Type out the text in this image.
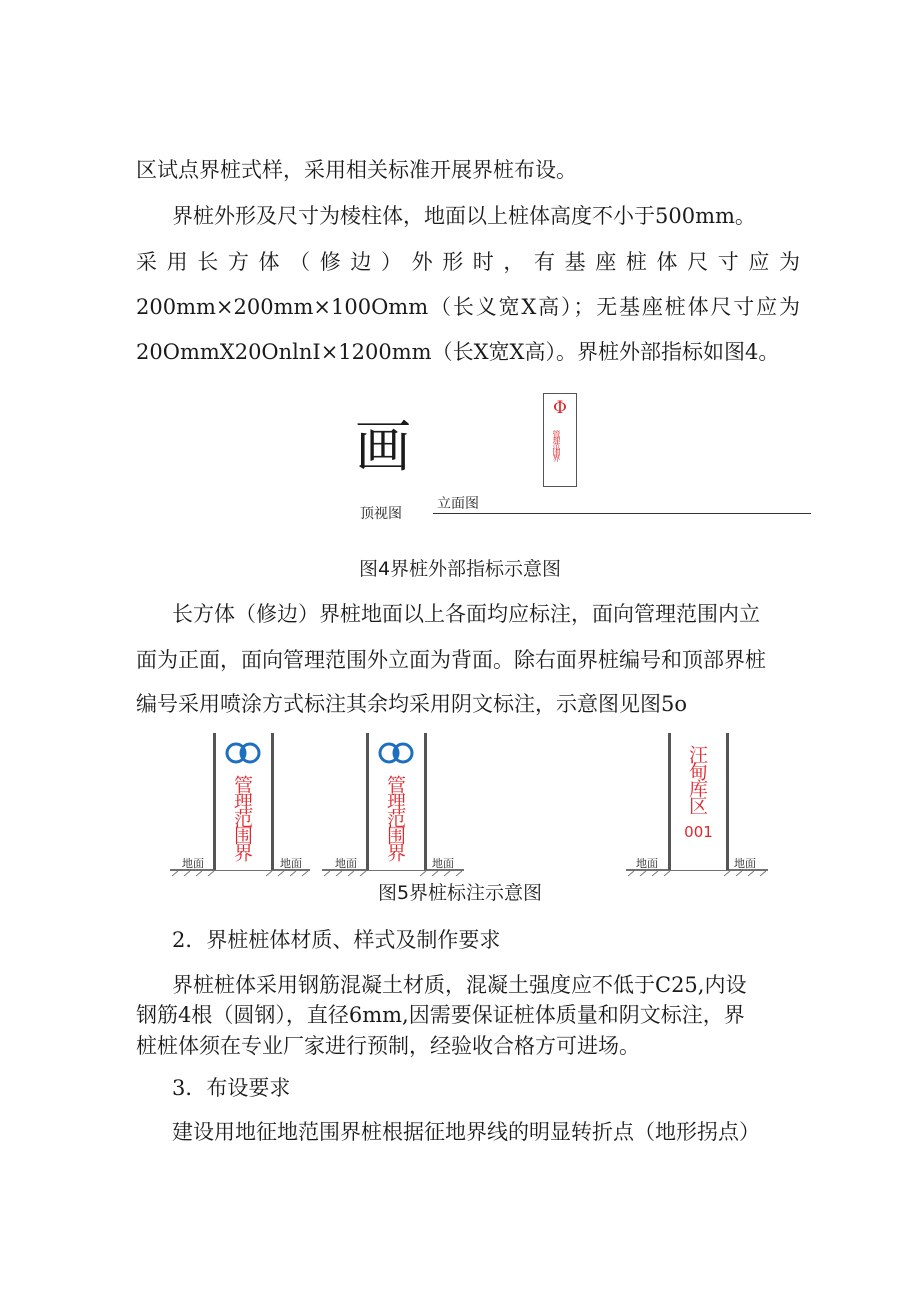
区试点界桩式样，采用相关标准开展界桩布设。
界桩外形及尺寸为棱柱体，地面以上桩体高度不小于500mm。
采用长方体（修边）外形时，有基座桩体尺寸应为
200mm×200mm×100Omm（长义宽X高）；无基座桩体尺寸应为
20OmmX20OnlnI×1200mm（长X宽X高）。界桩外部指标如图4。
画
顶视图
立面图
Φ
管理范围界
图4界桩外部指标示意图
长方体（修边）界桩地面以上各面均应标注，面向管理范围内立
面为正面，面向管理范围外立面为背面。除右面界桩编号和顶部界桩
编号采用喷涂方式标注其余均采用阴文标注，示意图见图5o
地面	地面
管理范围界
地面	地面
管理范围界
地面	地面
汪甸库区
001
图5界桩标注示意图
2．界桩桩体材质、样式及制作要求
界桩桩体采用钢筋混凝土材质，混凝土强度应不低于C25,内设
钢筋4根（圆钢），直径6mm,因需要保证桩体质量和阴文标注，界
桩桩体须在专业厂家进行预制，经验收合格方可进场。
3．布设要求
建设用地征地范围界桩根据征地界线的明显转折点（地形拐点）
